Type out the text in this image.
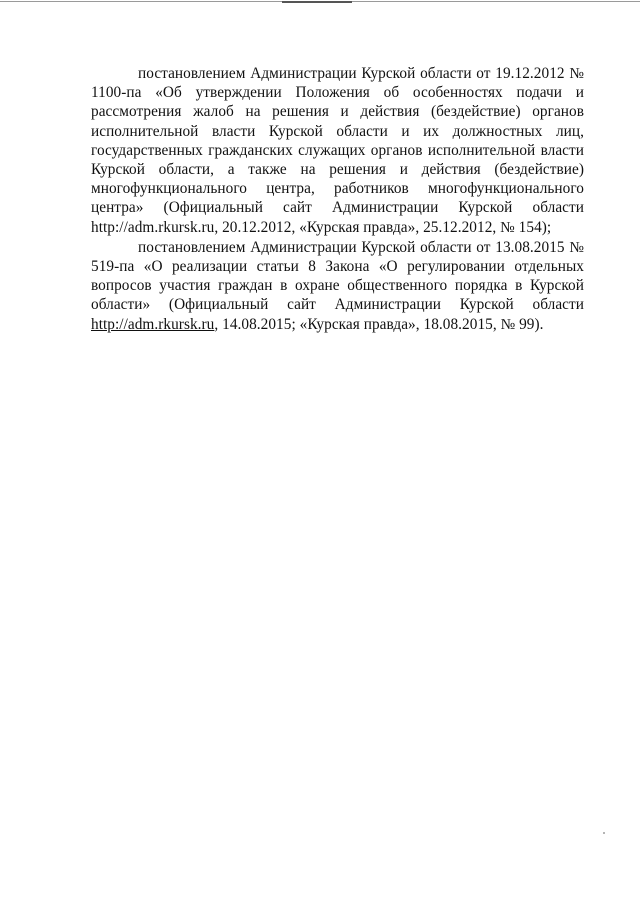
постановлением Администрации Курской области от 19.12.2012 № 1100-па «Об утверждении Положения об особенностях подачи и рассмотрения жалоб на решения и действия (бездействие) органов исполнительной власти Курской области и их должностных лиц, государственных гражданских служащих органов исполнительной власти Курской области, а также на решения и действия (бездействие) многофункционального центра, работников многофункционального центра» (Официальный сайт Администрации Курской области http://adm.rkursk.ru, 20.12.2012, «Курская правда», 25.12.2012, № 154);

постановлением Администрации Курской области от 13.08.2015 № 519-па «О реализации статьи 8 Закона «О регулировании отдельных вопросов участия граждан в охране общественного порядка в Курской области» (Официальный сайт Администрации Курской области http://adm.rkursk.ru, 14.08.2015; «Курская правда», 18.08.2015, № 99).
